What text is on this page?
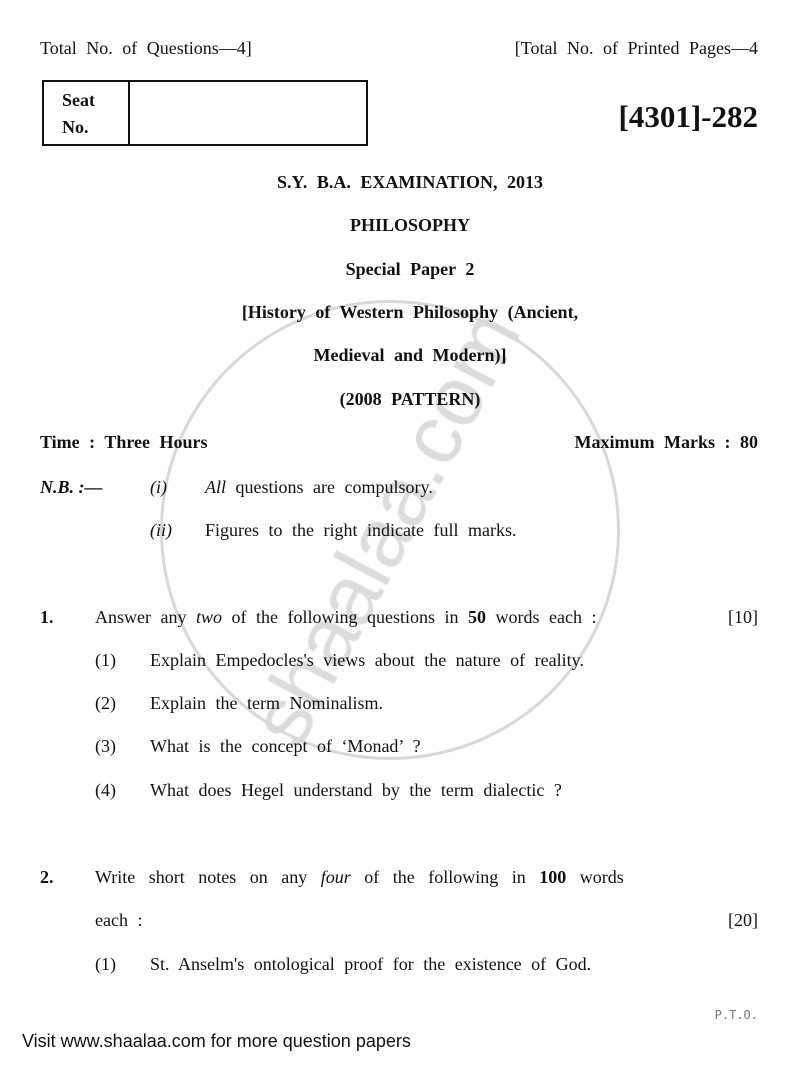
Total No. of Questions—4]	[Total No. of Printed Pages—4
Seat
No.	[4301]-282
S.Y. B.A. EXAMINATION, 2013
PHILOSOPHY
Special Paper 2
[History of Western Philosophy (Ancient,
Medieval and Modern)]
(2008 PATTERN)
Time : Three Hours	Maximum Marks : 80
N.B. :—	(i) All questions are compulsory.
(ii) Figures to the right indicate full marks.
1. Answer any two of the following questions in 50 words each :	[10]
(1) Explain Empedocles's views about the nature of reality.
(2) Explain the term Nominalism.
(3) What is the concept of ‘Monad’ ?
(4) What does Hegel understand by the term dialectic ?
2. Write short notes on any four of the following in 100 words
each :	[20]
(1) St. Anselm's ontological proof for the existence of God.
P.T.O.
Visit www.shaalaa.com for more question papers
